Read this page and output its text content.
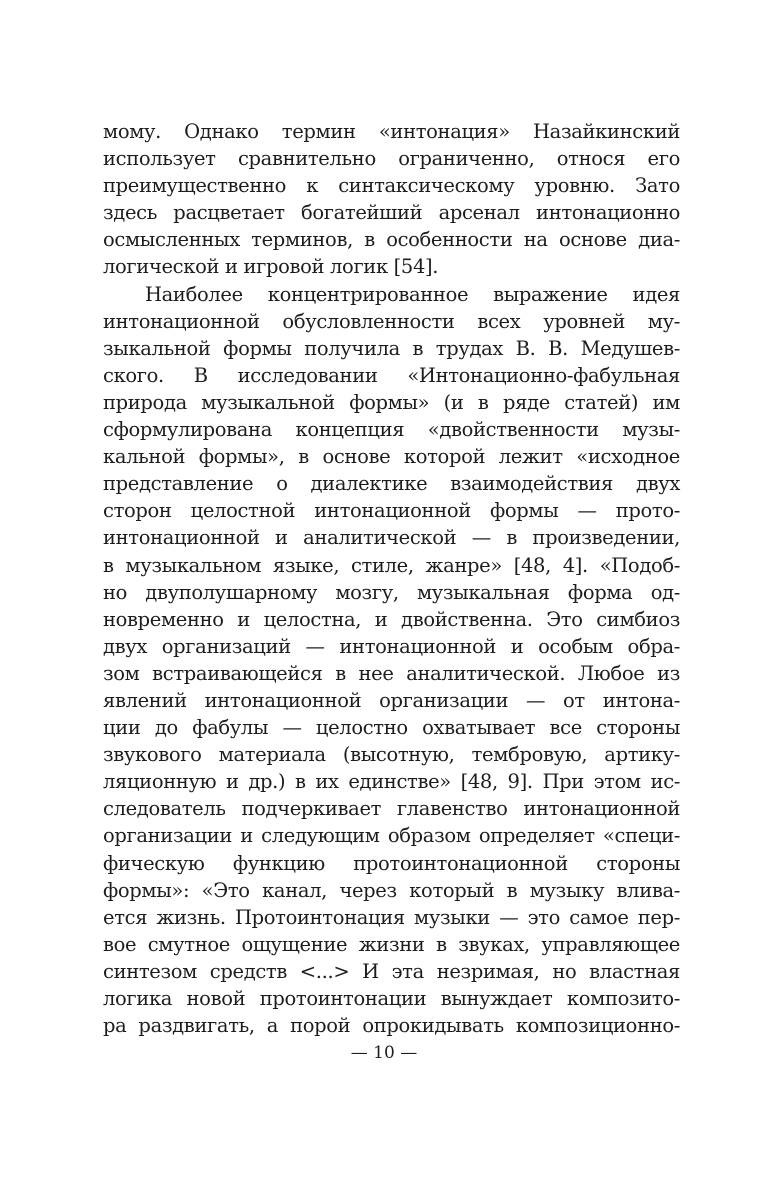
мому. Однако термин «интонация» Назайкинский
использует сравнительно ограниченно, относя его
преимущественно к синтаксическому уровню. Зато
здесь расцветает богатейший арсенал интонационно
осмысленных терминов, в особенности на основе диа-
логической и игровой логик [54].
Наиболее концентрированное выражение идея
интонационной обусловленности всех уровней му-
зыкальной формы получила в трудах В. В. Медушев-
ского. В исследовании «Интонационно-фабульная
природа музыкальной формы» (и в ряде статей) им
сформулирована концепция «двойственности музы-
кальной формы», в основе которой лежит «исходное
представление о диалектике взаимодействия двух
сторон целостной интонационной формы — прото-
интонационной и аналитической — в произведении,
в музыкальном языке, стиле, жанре» [48, 4]. «Подоб-
но двуполушарному мозгу, музыкальная форма од-
новременно и целостна, и двойственна. Это симбиоз
двух организаций — интонационной и особым обра-
зом встраивающейся в нее аналитической. Любое из
явлений интонационной организации — от интона-
ции до фабулы — целостно охватывает все стороны
звукового материала (высотную, тембровую, артику-
ляционную и др.) в их единстве» [48, 9]. При этом ис-
следователь подчеркивает главенство интонационной
организации и следующим образом определяет «специ-
фическую функцию протоинтонационной стороны
формы»: «Это канал, через который в музыку влива-
ется жизнь. Протоинтонация музыки — это самое пер-
вое смутное ощущение жизни в звуках, управляющее
синтезом средств <...> И эта незримая, но властная
логика новой протоинтонации вынуждает композито-
ра раздвигать, а порой опрокидывать композиционно-
— 10 —
